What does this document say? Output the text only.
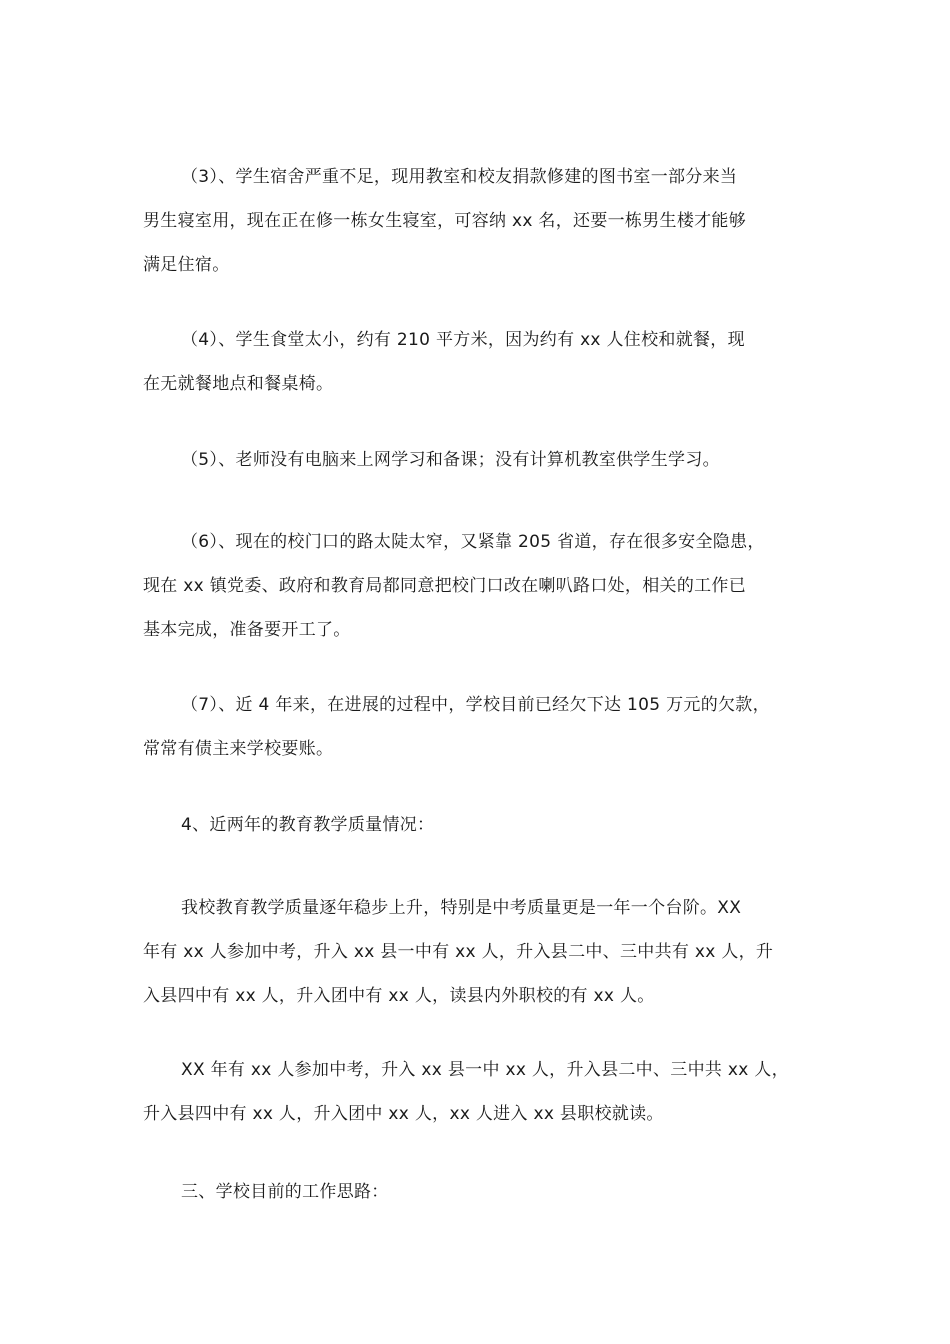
（3）、学生宿舍严重不足，现用教室和校友捐款修建的图书室一部分来当
男生寝室用，现在正在修一栋女生寝室，可容纳 xx 名，还要一栋男生楼才能够
满足住宿。
（4）、学生食堂太小，约有 210 平方米，因为约有 xx 人住校和就餐，现
在无就餐地点和餐桌椅。
（5）、老师没有电脑来上网学习和备课；没有计算机教室供学生学习。
（6）、现在的校门口的路太陡太窄，又紧靠 205 省道，存在很多安全隐患，
现在 xx 镇党委、政府和教育局都同意把校门口改在喇叭路口处，相关的工作已
基本完成，准备要开工了。
（7）、近 4 年来，在进展的过程中，学校目前已经欠下达 105 万元的欠款，
常常有债主来学校要账。
4、近两年的教育教学质量情况：
我校教育教学质量逐年稳步上升，特别是中考质量更是一年一个台阶。XX
年有 xx 人参加中考，升入 xx 县一中有 xx 人，升入县二中、三中共有 xx 人，升
入县四中有 xx 人，升入团中有 xx 人，读县内外职校的有 xx 人。
XX 年有 xx 人参加中考，升入 xx 县一中 xx 人，升入县二中、三中共 xx 人，
升入县四中有 xx 人，升入团中 xx 人，xx 人进入 xx 县职校就读。
三、学校目前的工作思路：
